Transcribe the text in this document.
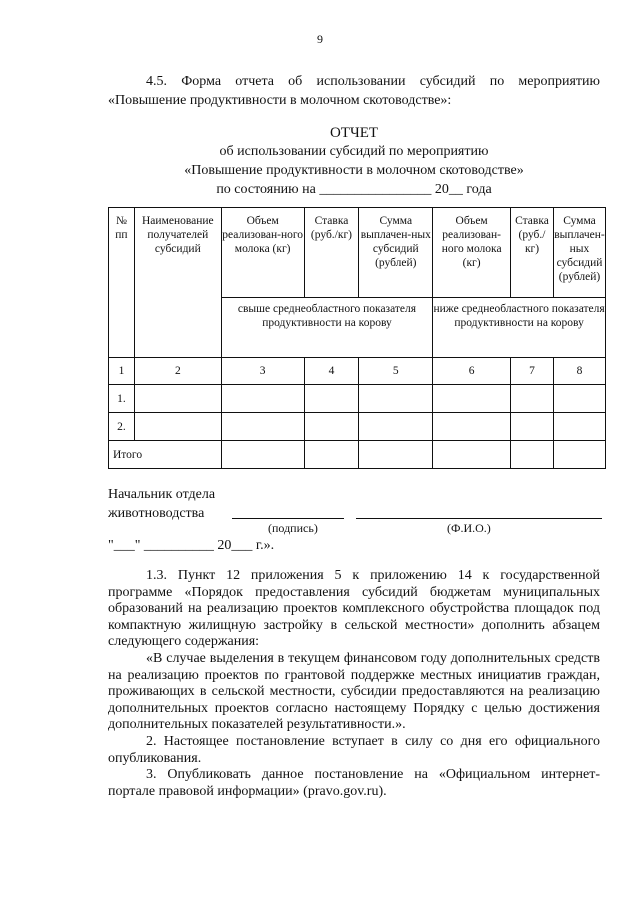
9
4.5. Форма отчета об использовании субсидий по мероприятию
«Повышение продуктивности в молочном скотоводстве»:
ОТЧЕТ
об использовании субсидий по мероприятию
«Повышение продуктивности в молочном скотоводстве»
по состоянию на ________________ 20__ года
№ пп	Наименование получателей субсидий	Объем реализован-ного молока (кг)	Ставка (руб./кг)	Сумма выплачен-ных субсидий (рублей)	Объем реализован-ного молока (кг)	Ставка (руб./ кг)	Сумма выплачен-ных субсидий (рублей)
		свыше среднеобластного показателя продуктивности на корову			ниже среднеобластного показателя продуктивности на корову		
1	2	3	4	5	6	7	8
1.							
2.							
Итого							
Начальник отдела
животноводства
(подпись)	(Ф.И.О.)
"___" __________ 20___ г.».

1.3. Пункт 12 приложения 5 к приложению 14 к государственной программе «Порядок предоставления субсидий бюджетам муниципальных образований на реализацию проектов комплексного обустройства площадок под компактную жилищную застройку в сельской местности» дополнить абзацем следующего содержания:

«В случае выделения в текущем финансовом году дополнительных средств на реализацию проектов по грантовой поддержке местных инициатив граждан, проживающих в сельской местности, субсидии предоставляются на реализацию дополнительных проектов согласно настоящему Порядку с целью достижения дополнительных показателей результативности.».

2. Настоящее постановление вступает в силу со дня его официального опубликования.

3. Опубликовать данное постановление на «Официальном интернет-портале правовой информации» (pravo.gov.ru).
